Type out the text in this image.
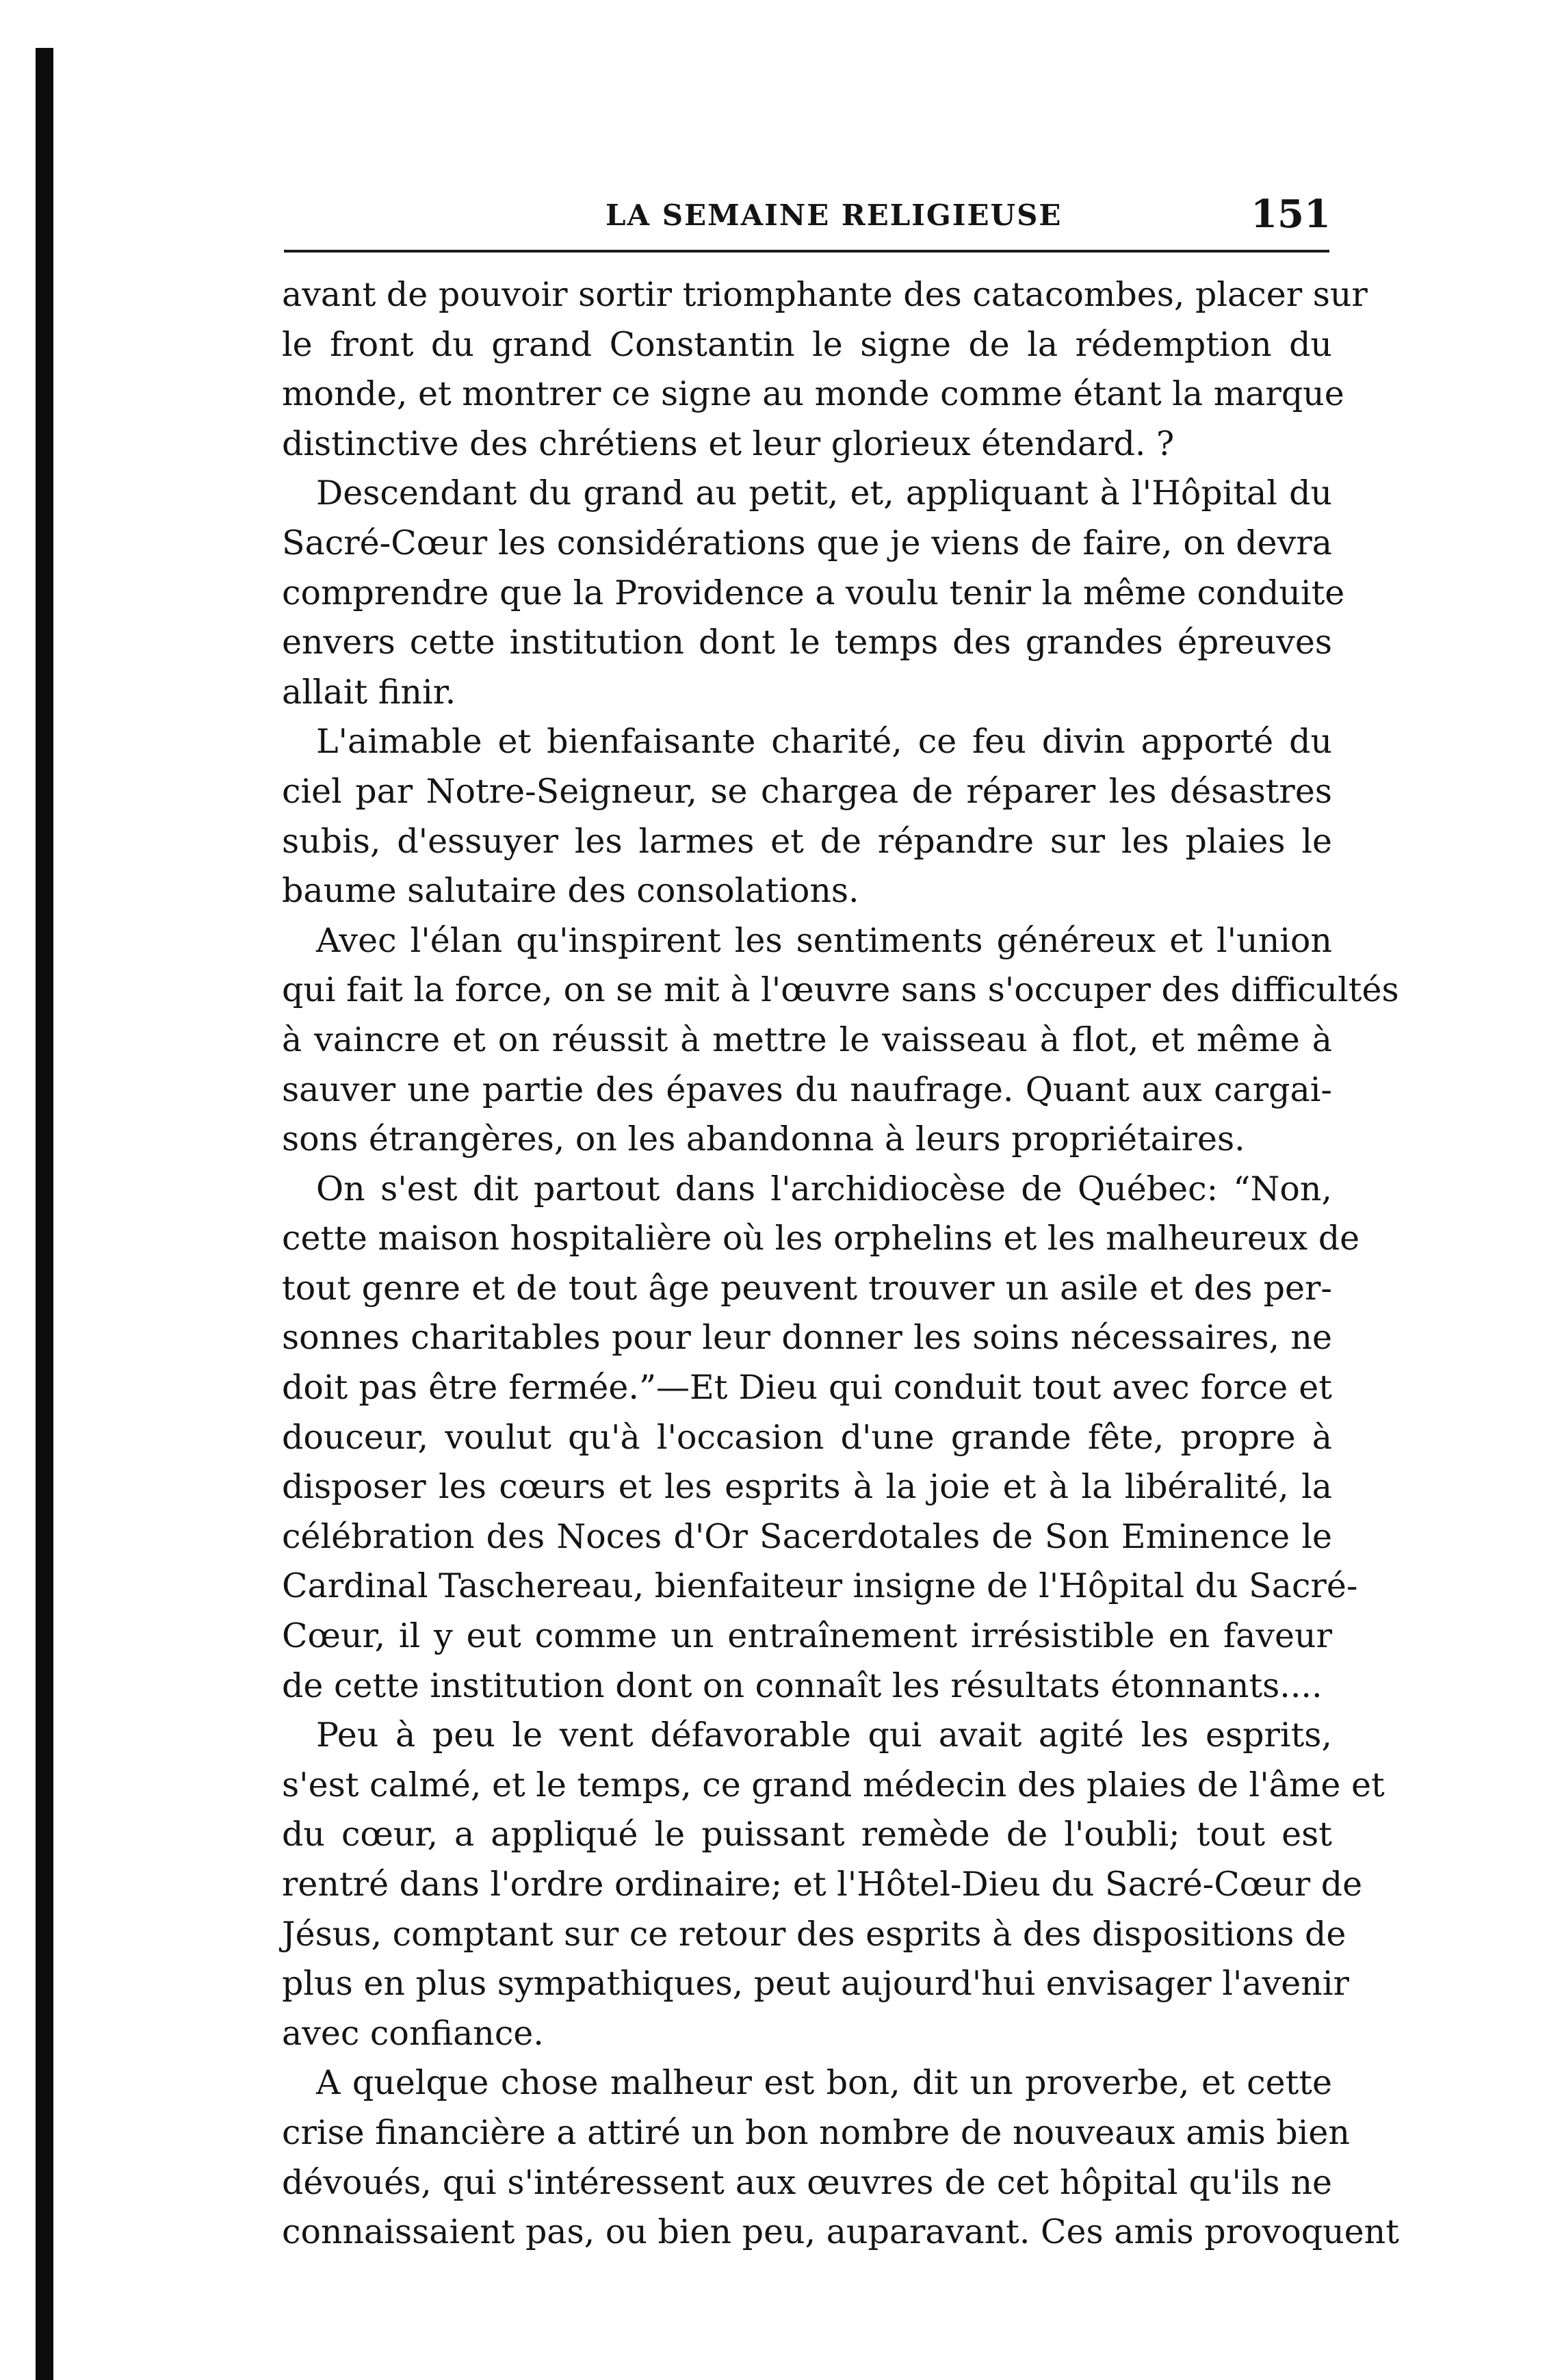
LA SEMAINE RELIGIEUSE	151
avant de pouvoir sortir triomphante des catacombes, placer sur
le front du grand Constantin le signe de la rédemption du
monde, et montrer ce signe au monde comme étant la marque
distinctive des chrétiens et leur glorieux étendard. ?
Descendant du grand au petit, et, appliquant à l'Hôpital du
Sacré-Cœur les considérations que je viens de faire, on devra
comprendre que la Providence a voulu tenir la même conduite
envers cette institution dont le temps des grandes épreuves
allait finir.
L'aimable et bienfaisante charité, ce feu divin apporté du
ciel par Notre-Seigneur, se chargea de réparer les désastres
subis, d'essuyer les larmes et de répandre sur les plaies le
baume salutaire des consolations.
Avec l'élan qu'inspirent les sentiments généreux et l'union
qui fait la force, on se mit à l'œuvre sans s'occuper des difficultés
à vaincre et on réussit à mettre le vaisseau à flot, et même à
sauver une partie des épaves du naufrage. Quant aux cargai-
sons étrangères, on les abandonna à leurs propriétaires.
On s'est dit partout dans l'archidiocèse de Québec: “Non,
cette maison hospitalière où les orphelins et les malheureux de
tout genre et de tout âge peuvent trouver un asile et des per-
sonnes charitables pour leur donner les soins nécessaires, ne
doit pas être fermée.”—Et Dieu qui conduit tout avec force et
douceur, voulut qu'à l'occasion d'une grande fête, propre à
disposer les cœurs et les esprits à la joie et à la libéralité, la
célébration des Noces d'Or Sacerdotales de Son Eminence le
Cardinal Taschereau, bienfaiteur insigne de l'Hôpital du Sacré-
Cœur, il y eut comme un entraînement irrésistible en faveur
de cette institution dont on connaît les résultats étonnants....
Peu à peu le vent défavorable qui avait agité les esprits,
s'est calmé, et le temps, ce grand médecin des plaies de l'âme et
du cœur, a appliqué le puissant remède de l'oubli; tout est
rentré dans l'ordre ordinaire; et l'Hôtel-Dieu du Sacré-Cœur de
Jésus, comptant sur ce retour des esprits à des dispositions de
plus en plus sympathiques, peut aujourd'hui envisager l'avenir
avec confiance.
A quelque chose malheur est bon, dit un proverbe, et cette
crise financière a attiré un bon nombre de nouveaux amis bien
dévoués, qui s'intéressent aux œuvres de cet hôpital qu'ils ne
connaissaient pas, ou bien peu, auparavant. Ces amis provoquent
